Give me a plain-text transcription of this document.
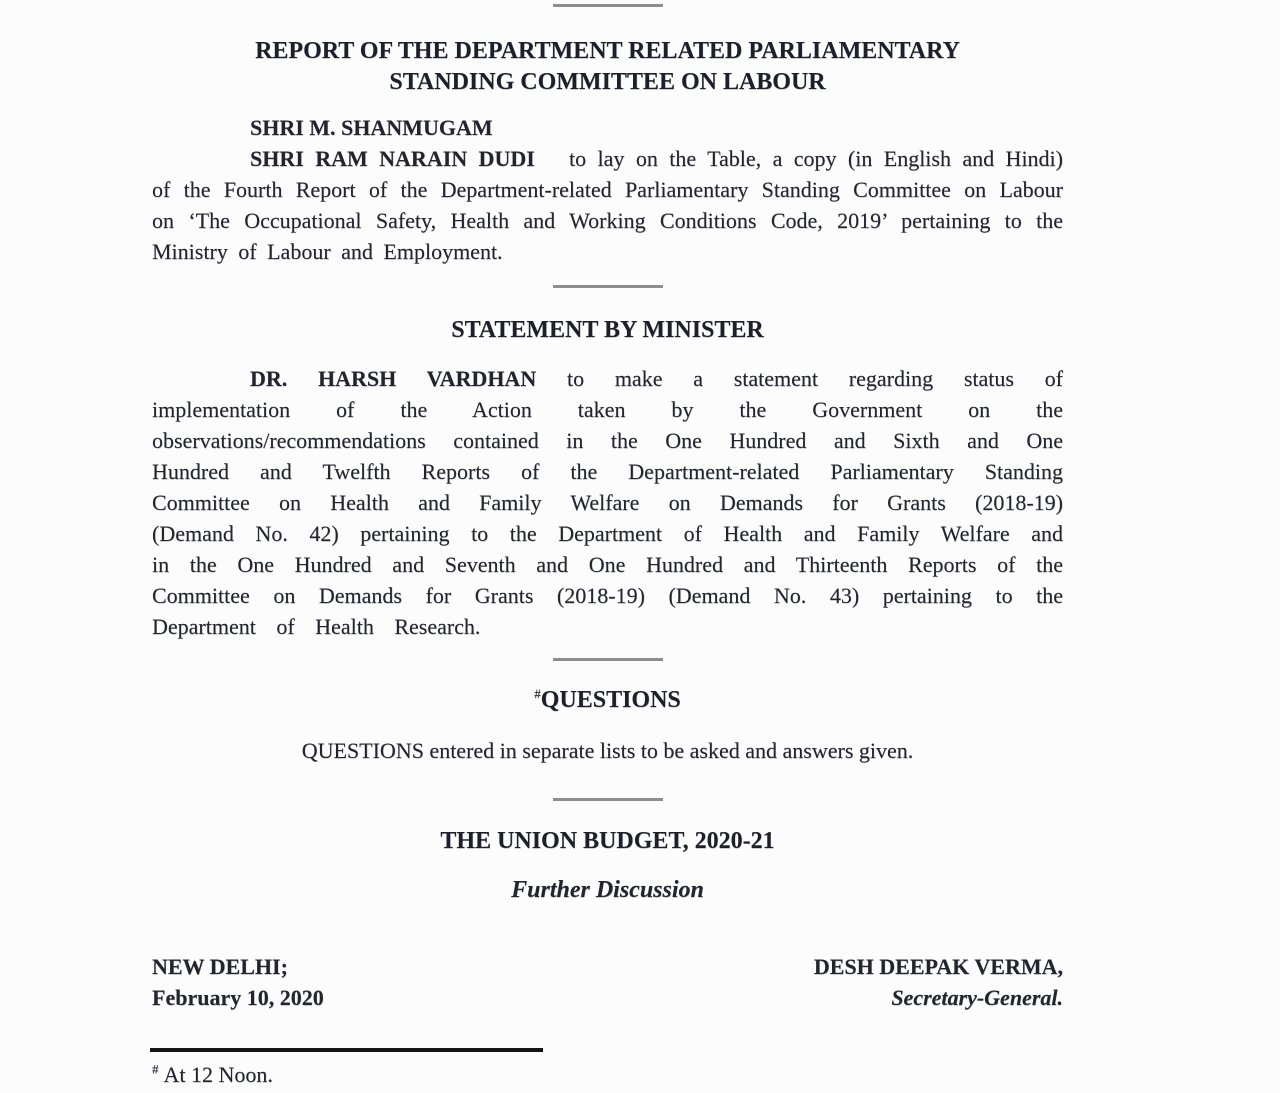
REPORT OF THE DEPARTMENT RELATED PARLIAMENTARY
STANDING COMMITTEE ON LABOUR

SHRI M. SHANMUGAM

SHRI RAM NARAIN DUDI   to lay on the Table, a copy (in English and Hindi) of the Fourth Report of the Department-related Parliamentary Standing Committee on Labour on ‘The Occupational Safety, Health and Working Conditions Code, 2019’ pertaining to the Ministry of Labour and Employment.

STATEMENT BY MINISTER

DR. HARSH VARDHAN to make a statement regarding status of implementation of the Action taken by the Government on the observations/recommendations contained in the One Hundred and Sixth and One Hundred and Twelfth Reports of the Department-related Parliamentary Standing Committee on Health and Family Welfare on Demands for Grants (2018-19) (Demand No. 42) pertaining to the Department of Health and Family Welfare and in the One Hundred and Seventh and One Hundred and Thirteenth Reports of the Committee on Demands for Grants (2018-19) (Demand No. 43) pertaining to the Department of Health Research.

#QUESTIONS

QUESTIONS entered in separate lists to be asked and answers given.

THE UNION BUDGET, 2020-21

Further Discussion

NEW DELHI;
February 10, 2020
DESH DEEPAK VERMA,
Secretary-General.

# At 12 Noon.
